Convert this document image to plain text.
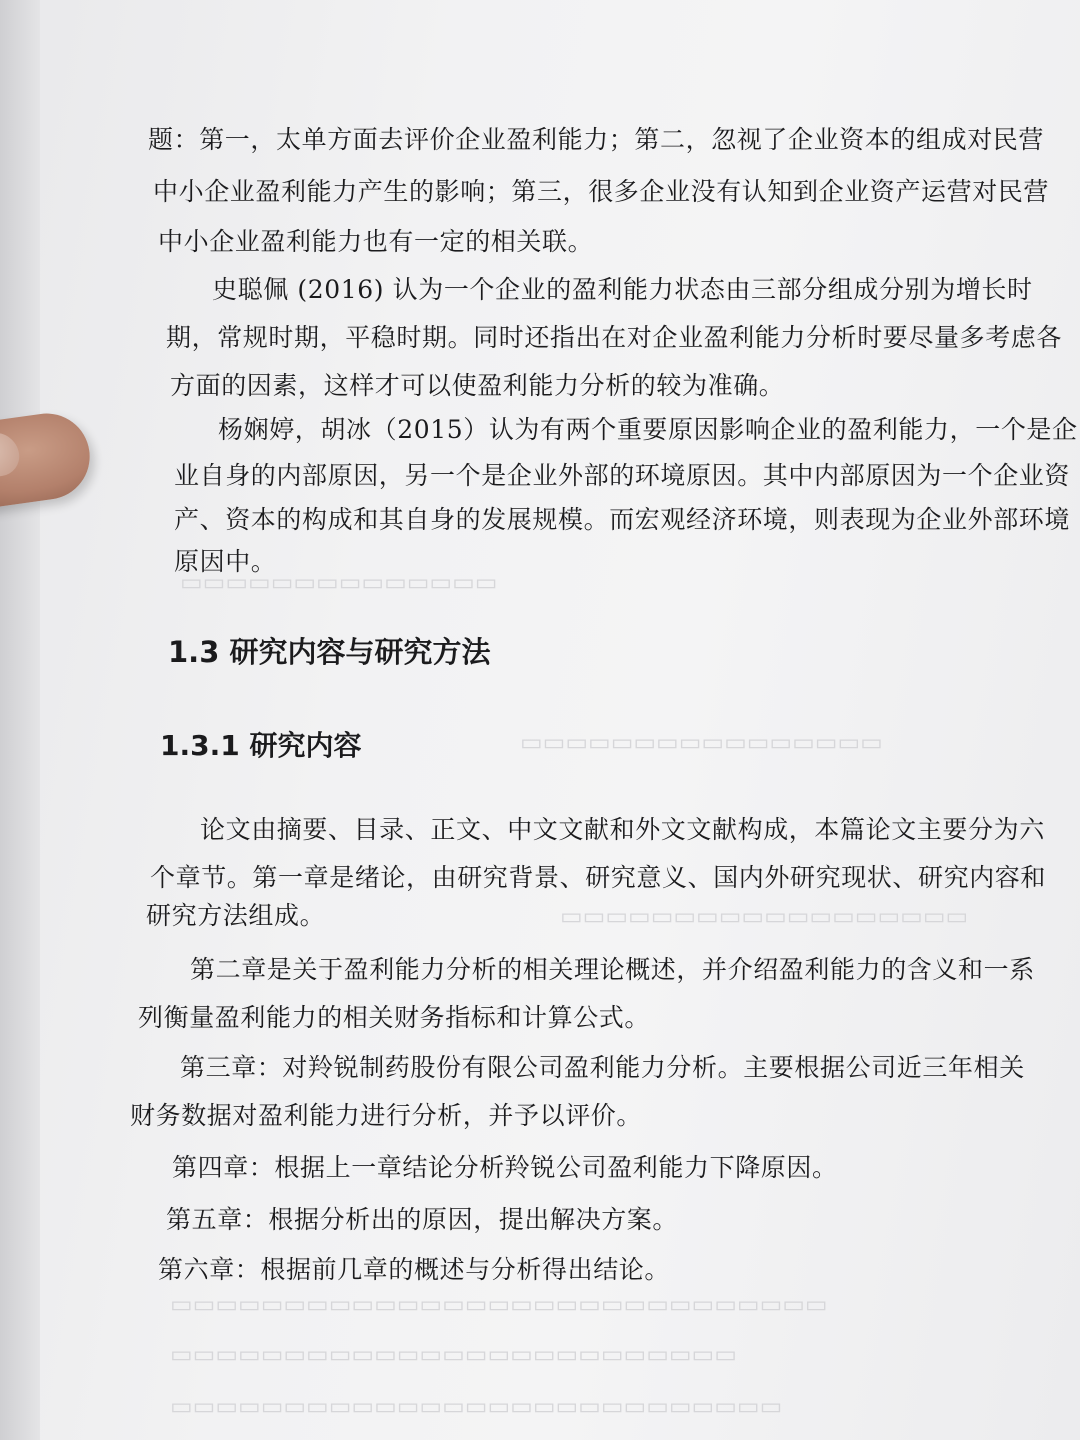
▭▭▭▭▭▭▭▭▭▭▭▭▭▭
▭▭▭▭▭▭▭▭▭▭▭▭▭▭▭▭
▭▭▭▭▭▭▭▭▭▭▭▭▭▭▭▭▭▭
▭▭▭▭▭▭▭▭▭▭▭▭▭▭▭▭▭▭▭▭▭▭▭▭▭▭▭▭▭
▭▭▭▭▭▭▭▭▭▭▭▭▭▭▭▭▭▭▭▭▭▭▭▭▭
▭▭▭▭▭▭▭▭▭▭▭▭▭▭▭▭▭▭▭▭▭▭▭▭▭▭▭
题：第一，太单方面去评价企业盈利能力；第二，忽视了企业资本的组成对民营
中小企业盈利能力产生的影响；第三，很多企业没有认知到企业资产运营对民营
中小企业盈利能力也有一定的相关联。
史聪佩 (2016) 认为一个企业的盈利能力状态由三部分组成分别为增长时
期，常规时期，平稳时期。同时还指出在对企业盈利能力分析时要尽量多考虑各
方面的因素，这样才可以使盈利能力分析的较为准确。
杨娴婷，胡冰（2015）认为有两个重要原因影响企业的盈利能力，一个是企
业自身的内部原因，另一个是企业外部的环境原因。其中内部原因为一个企业资
产、资本的构成和其自身的发展规模。而宏观经济环境，则表现为企业外部环境
原因中。
1.3 研究内容与研究方法
1.3.1 研究内容
论文由摘要、目录、正文、中文文献和外文文献构成，本篇论文主要分为六
个章节。第一章是绪论，由研究背景、研究意义、国内外研究现状、研究内容和
研究方法组成。
第二章是关于盈利能力分析的相关理论概述，并介绍盈利能力的含义和一系
列衡量盈利能力的相关财务指标和计算公式。
第三章：对羚锐制药股份有限公司盈利能力分析。主要根据公司近三年相关
财务数据对盈利能力进行分析，并予以评价。
第四章：根据上一章结论分析羚锐公司盈利能力下降原因。
第五章：根据分析出的原因，提出解决方案。
第六章：根据前几章的概述与分析得出结论。
